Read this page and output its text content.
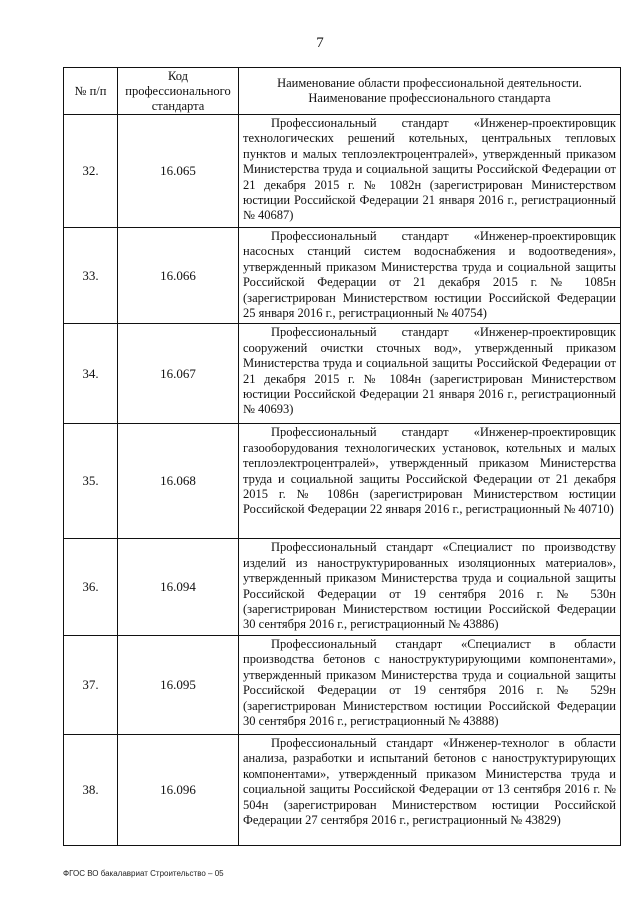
7
№ п/п	Код профессионального стандарта	Наименование области профессиональной деятельности. Наименование профессионального стандарта
32.	16.065	Профессиональный стандарт «Инженер-проектировщик технологических решений котельных, центральных тепловых пунктов и малых теплоэлектроцентралей», утвержденный приказом Министерства труда и социальной защиты Российской Федерации от 21 декабря 2015 г. № 1082н (зарегистрирован Министерством юстиции Российской Федерации 21 января 2016 г., регистрационный № 40687)
33.	16.066	Профессиональный стандарт «Инженер-проектировщик насосных станций систем водоснабжения и водоотведения», утвержденный приказом Министерства труда и социальной защиты Российской Федерации от 21 декабря 2015 г. № 1085н (зарегистрирован Министерством юстиции Российской Федерации 25 января 2016 г., регистрационный № 40754)
34.	16.067	Профессиональный стандарт «Инженер-проектировщик сооружений очистки сточных вод», утвержденный приказом Министерства труда и социальной защиты Российской Федерации от 21 декабря 2015 г. № 1084н (зарегистрирован Министерством юстиции Российской Федерации 21 января 2016 г., регистрационный № 40693)
35.	16.068	Профессиональный стандарт «Инженер-проектировщик газооборудования технологических установок, котельных и малых теплоэлектроцентралей», утвержденный приказом Министерства труда и социальной защиты Российской Федерации от 21 декабря 2015 г. № 1086н (зарегистрирован Министерством юстиции Российской Федерации 22 января 2016 г., регистрационный № 40710)
36.	16.094	Профессиональный стандарт «Специалист по производству изделий из наноструктурированных изоляционных материалов», утвержденный приказом Министерства труда и социальной защиты Российской Федерации от 19 сентября 2016 г. № 530н (зарегистрирован Министерством юстиции Российской Федерации 30 сентября 2016 г., регистрационный № 43886)
37.	16.095	Профессиональный стандарт «Специалист в области производства бетонов с наноструктурирующими компонентами», утвержденный приказом Министерства труда и социальной защиты Российской Федерации от 19 сентября 2016 г. № 529н (зарегистрирован Министерством юстиции Российской Федерации 30 сентября 2016 г., регистрационный № 43888)
38.	16.096	Профессиональный стандарт «Инженер-технолог в области анализа, разработки и испытаний бетонов с наноструктурирующих компонентами», утвержденный приказом Министерства труда и социальной защиты Российской Федерации от 13 сентября 2016 г. № 504н (зарегистрирован Министерством юстиции Российской Федерации 27 сентября 2016 г., регистрационный № 43829)
ФГОС ВО бакалавриат Строительство – 05
